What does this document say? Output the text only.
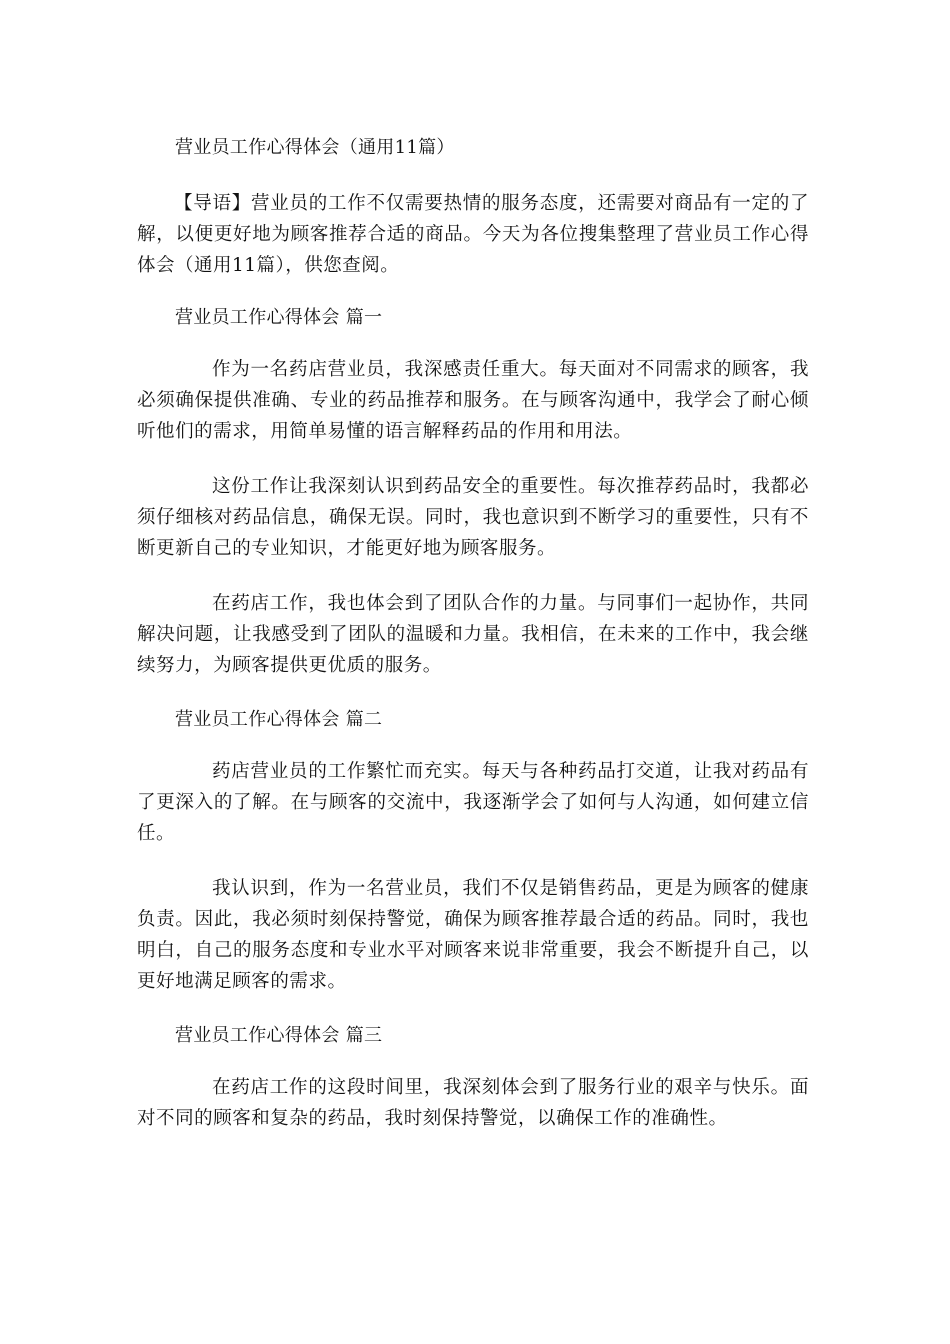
营业员工作心得体会（通用11篇）

【导语】营业员的工作不仅需要热情的服务态度，还需要对商品有一定的了解，以便更好地为顾客推荐合适的商品。今天为各位搜集整理了营业员工作心得体会（通用11篇），供您查阅。

营业员工作心得体会 篇一

作为一名药店营业员，我深感责任重大。每天面对不同需求的顾客，我必须确保提供准确、专业的药品推荐和服务。在与顾客沟通中，我学会了耐心倾听他们的需求，用简单易懂的语言解释药品的作用和用法。

这份工作让我深刻认识到药品安全的重要性。每次推荐药品时，我都必须仔细核对药品信息，确保无误。同时，我也意识到不断学习的重要性，只有不断更新自己的专业知识，才能更好地为顾客服务。

在药店工作，我也体会到了团队合作的力量。与同事们一起协作，共同解决问题，让我感受到了团队的温暖和力量。我相信，在未来的工作中，我会继续努力，为顾客提供更优质的服务。

营业员工作心得体会 篇二

药店营业员的工作繁忙而充实。每天与各种药品打交道，让我对药品有了更深入的了解。在与顾客的交流中，我逐渐学会了如何与人沟通，如何建立信任。

我认识到，作为一名营业员，我们不仅是销售药品，更是为顾客的健康负责。因此，我必须时刻保持警觉，确保为顾客推荐最合适的药品。同时，我也明白，自己的服务态度和专业水平对顾客来说非常重要，我会不断提升自己，以更好地满足顾客的需求。

营业员工作心得体会 篇三

在药店工作的这段时间里，我深刻体会到了服务行业的艰辛与快乐。面对不同的顾客和复杂的药品，我时刻保持警觉，以确保工作的准确性。
